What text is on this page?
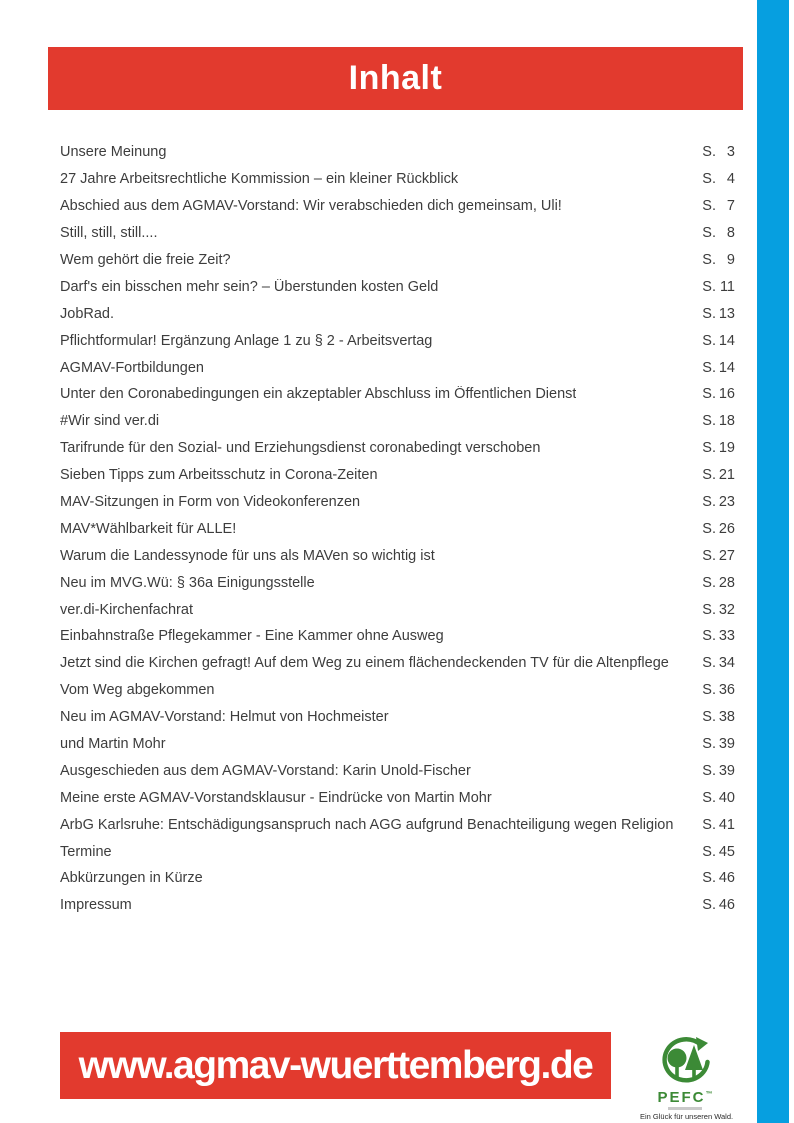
Inhalt
Unsere Meinung	S. 3
27 Jahre Arbeitsrechtliche Kommission – ein kleiner Rückblick	S. 4
Abschied aus dem AGMAV-Vorstand: Wir verabschieden dich gemeinsam, Uli!	S. 7
Still, still, still....	S. 8
Wem gehört die freie Zeit?	S. 9
Darf's ein bisschen mehr sein? – Überstunden kosten Geld	S. 11
JobRad.	S. 13
Pflichtformular! Ergänzung Anlage 1 zu § 2 - Arbeitsvertag	S. 14
AGMAV-Fortbildungen	S. 14
Unter den Coronabedingungen ein akzeptabler Abschluss im Öffentlichen Dienst	S. 16
#Wir sind ver.di	S. 18
Tarifrunde für den Sozial- und Erziehungsdienst coronabedingt verschoben	S. 19
Sieben Tipps zum Arbeitsschutz in Corona-Zeiten	S. 21
MAV-Sitzungen in Form von Videokonferenzen	S. 23
MAV*Wählbarkeit für ALLE!	S. 26
Warum die Landessynode für uns als MAVen so wichtig ist	S. 27
Neu im MVG.Wü: § 36a Einigungsstelle	S. 28
ver.di-Kirchenfachrat	S. 32
Einbahnstraße Pflegekammer - Eine Kammer ohne Ausweg	S. 33
Jetzt sind die Kirchen gefragt! Auf dem Weg zu einem flächendeckenden TV für die Altenpflege S. 34
Vom Weg abgekommen	S. 36
Neu im AGMAV-Vorstand: Helmut von Hochmeister	S. 38
und Martin Mohr	S. 39
Ausgeschieden aus dem AGMAV-Vorstand: Karin Unold-Fischer	S. 39
Meine erste AGMAV-Vorstandsklausur - Eindrücke von Martin Mohr	S. 40
ArbG Karlsruhe: Entschädigungsanspruch nach AGG aufgrund Benachteiligung wegen Religion S. 41
Termine	S. 45
Abkürzungen in Kürze	S. 46
Impressum	S. 46
www.agmav-wuerttemberg.de
PEFC™
Ein Glück für unseren Wald.
